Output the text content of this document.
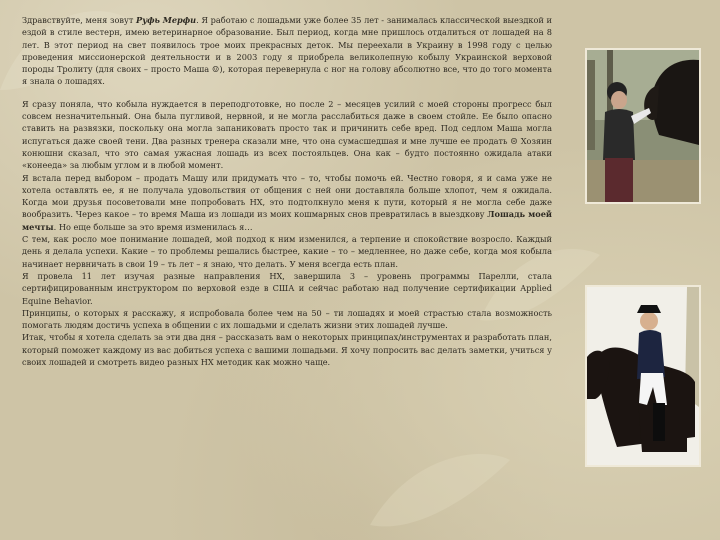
Здравствуйте, меня зовут Руфь Мерфи. Я работаю с лошадьми уже более 35 лет - занималась классической выездкой и ездой в стиле вестерн, имею ветеринарное образование. Был период, когда мне пришлось отдалиться от лошадей на 8 лет. В этот период на свет появилось трое моих прекрасных деток. Мы переехали в Украину в 1998 году с целью проведения миссионерской деятельности и в 2003 году я приобрела великолепную кобылу Украинской верховой породы Тролиту (для своих – просто Маша ☺), которая перевернула с ног на голову абсолютно все, что до того момента я знала о лошадях.

Я сразу поняла, что кобыла нуждается в переподготовке, но после 2 – месяцев усилий с моей стороны прогресс был совсем незначительный. Она была пугливой, нервной, и не могла расслабиться даже в своем стойле. Ее было опасно ставить на развязки, поскольку она могла запаниковать просто так и причинить себе вред. Под седлом Маша могла испугаться даже своей тени. Два разных тренера сказали мне, что она сумасшедшая и мне лучше ее продать ☹ Хозяин конюшни сказал, что это самая ужасная лошадь из всех постояльцев. Она как – будто постоянно ожидала атаки «конеедa» за любым углом и в любой момент.

Я встала перед выбором – продать Машу или придумать что – то, чтобы помочь ей. Честно говоря, я и сама уже не хотела оставлять ее, я не получала удовольствия от общения с ней они доставляла больше хлопот, чем я ожидала. Когда мои друзья посоветовали мне попробовать НХ, это подтолкнуло меня к пути, который я не могла себе даже вообразить. Через какое – то время Маша из лошади из моих кошмарных снов превратилась в выездкову Лошадь моей мечты. Но еще больше за это время изменилась я…

С тем, как росло мое понимание лошадей, мой подход к ним изменился, а терпение и спокойствие возросло. Каждый день я делала успехи. Какие – то проблемы решались быстрее, какие – то – медленнее, но даже себе, когда моя кобыла начинает нервничать в свои 19 – ть лет – я знаю, что делать. У меня всегда есть план.

Я провела 11 лет изучая разные направления НХ, завершила 3 – уровень программы Парелли, стала сертифицированным инструктором по верховой езде в США и сейчас работаю над получение сертификации Applied Equine Behavior.

Принципы, о которых я расскажу, я испробовала более чем на 50 – ти лошадях и моей страстью стала возможность помогать людям достичь успеха в общении с их лошадьми и сделать жизни этих лошадей лучше.

Итак, чтобы я хотела сделать за эти два дня – рассказать вам о некоторых принципах/инструментах и разработать план, который поможет каждому из вас добиться успеха с вашими лошадьми. Я хочу попросить вас делать заметки, учиться у своих лошадей и смотреть видео разных НХ методик как можно чаще.
